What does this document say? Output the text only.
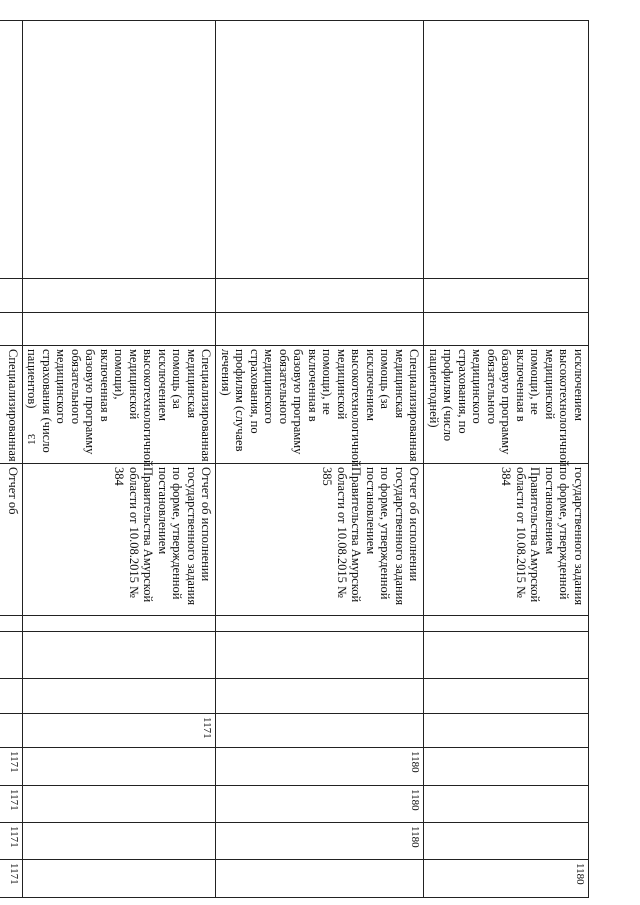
13
			исключением высокотехнологичной медицинской помощи), не включенная в базовую программу обязательного медицинского страхования, по профилям (число пациентодней)	государственного задания по форме, утвержденной постановлением Правительства Амурской области от 10.08.2015 № 384								1180
			Специализированная медицинская помощь (за исключением высокотехнологичной медицинской помощи), не включенная в базовую программу обязательного медицинского страхования, по профилям (случаев лечения)	Отчет об исполнении государственного задания по форме, утвержденной постановлением Правительства Амурской области от 10.08.2015 № 385					1180	1180	1180	
			Специализированная медицинская помощь (за исключением высокотехнологичной медицинской помощи), включенная в базовую программу обязательного медицинского страхования (число пациентов)	Отчет об исполнении государственного задания по форме, утвержденной постановлением Правительства Амурской области от 10.08.2015 № 384				1171				
			Специализированная	Отчет об					1171	1171	1171	1171
